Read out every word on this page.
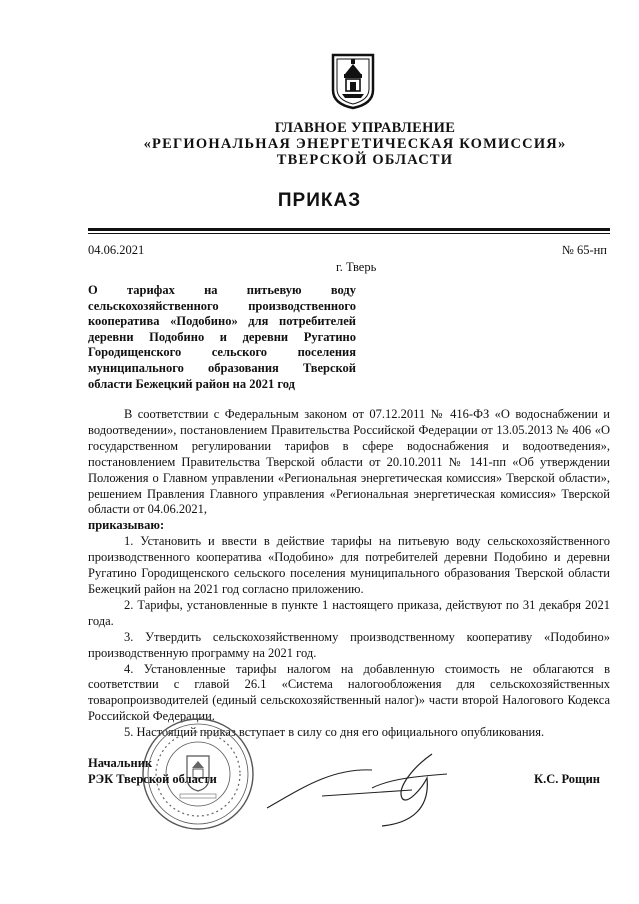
ГЛАВНОЕ УПРАВЛЕНИЕ
«РЕГИОНАЛЬНАЯ ЭНЕРГЕТИЧЕСКАЯ КОМИССИЯ»
ТВЕРСКОЙ ОБЛАСТИ
ПРИКАЗ
04.06.2021	№ 65-нп
г. Тверь
О       тарифах       на       питьевую       воду
сельскохозяйственного производственного
кооператива «Подобино» для потребителей
деревни  Подобино  и  деревни  Ругатино
Городищенского сельского поселения
муниципального образования Тверской
области Бежецкий район на 2021 год

В соответствии с Федеральным законом от 07.12.2011 № 416-ФЗ «О водоснабжении и водоотведении», постановлением Правительства Российской Федерации от 13.05.2013 № 406 «О государственном регулировании тарифов в сфере водоснабжения и водоотведения», постановлением Правительства Тверской области от 20.10.2011 № 141-пп «Об утверждении Положения о Главном управлении «Региональная энергетическая комиссия» Тверской области», решением Правления Главного управления «Региональная энергетическая комиссия» Тверской области от 04.06.2021,

приказываю:

1. Установить и ввести в действие тарифы на питьевую воду сельскохозяйственного производственного кооператива «Подобино» для потребителей деревни Подобино и деревни Ругатино Городищенского сельского поселения муниципального образования Тверской области Бежецкий район на 2021 год согласно приложению.

2. Тарифы, установленные в пункте 1 настоящего приказа, действуют по 31 декабря 2021 года.

3. Утвердить сельскохозяйственному производственному кооперативу «Подобино» производственную программу на 2021 год.

4. Установленные тарифы налогом на добавленную стоимость не облагаются в соответствии с главой 26.1 «Система налогообложения для сельскохозяйственных товаропроизводителей (единый сельскохозяйственный налог)» части второй Налогового Кодекса Российской Федерации.

5. Настоящий приказ вступает в силу со дня его официального опубликования.

Начальник
РЭК Тверской области	К.С. Рощин
